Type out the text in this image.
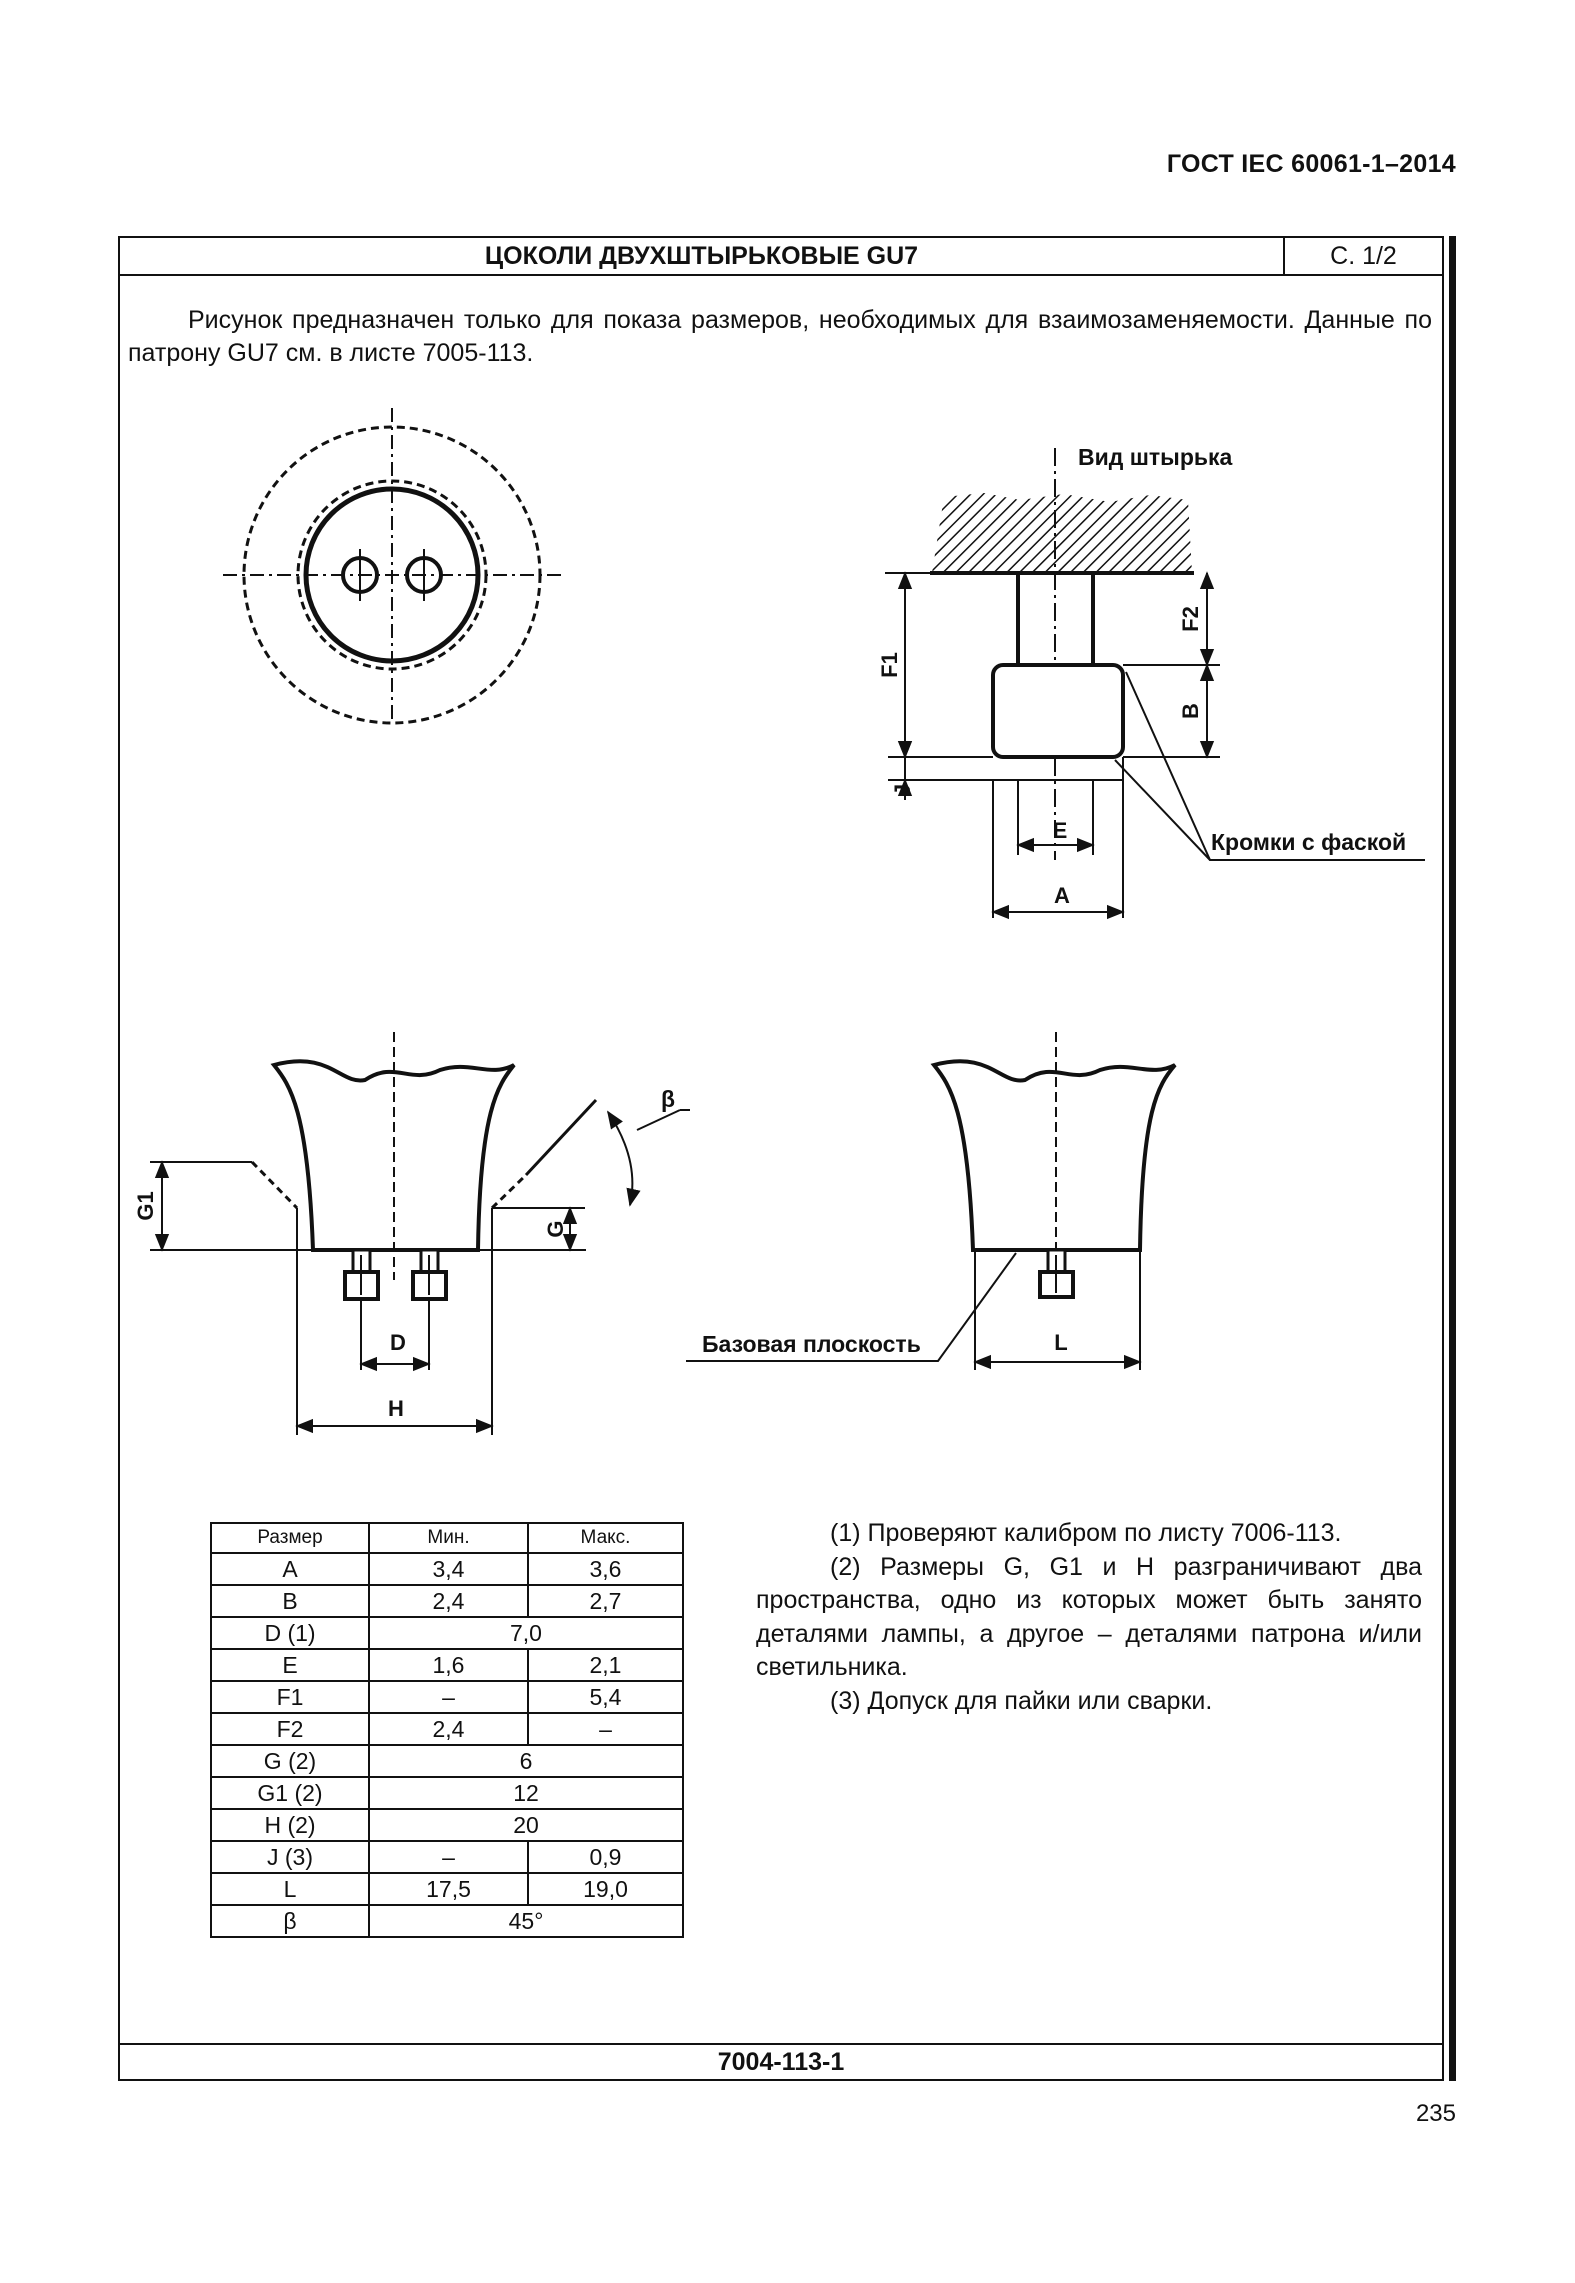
ГОСТ IEC 60061-1–2014
ЦОКОЛИ ДВУХШТЫРЬКОВЫЕ GU7	С. 1/2
Рисунок предназначен только для показа размеров, необходимых для взаимозаменяемости. Данные по патрону GU7 см. в листе 7005-113.
7004-113-1
Вид штырька
F1
J
F2
B
E
A
Кромки с фаской
G1
G
β
D
H
L
Базовая плоскость
Размер	Мин.	Макс.
A	3,4	3,6
B	2,4	2,7
D (1)	7,0	
E	1,6	2,1
F1	–	5,4
F2	2,4	–
G (2)	6	
G1 (2)	12	
H (2)	20	
J (3)	–	0,9
L	17,5	19,0
β	45°	

(1) Проверяют калибром по листу 7006-113.

(2) Размеры G, G1 и H разграничивают два пространства, одно из которых может быть занято деталями лампы, а другое – деталями патрона и/или светильника.

(3) Допуск для пайки или сварки.

235
